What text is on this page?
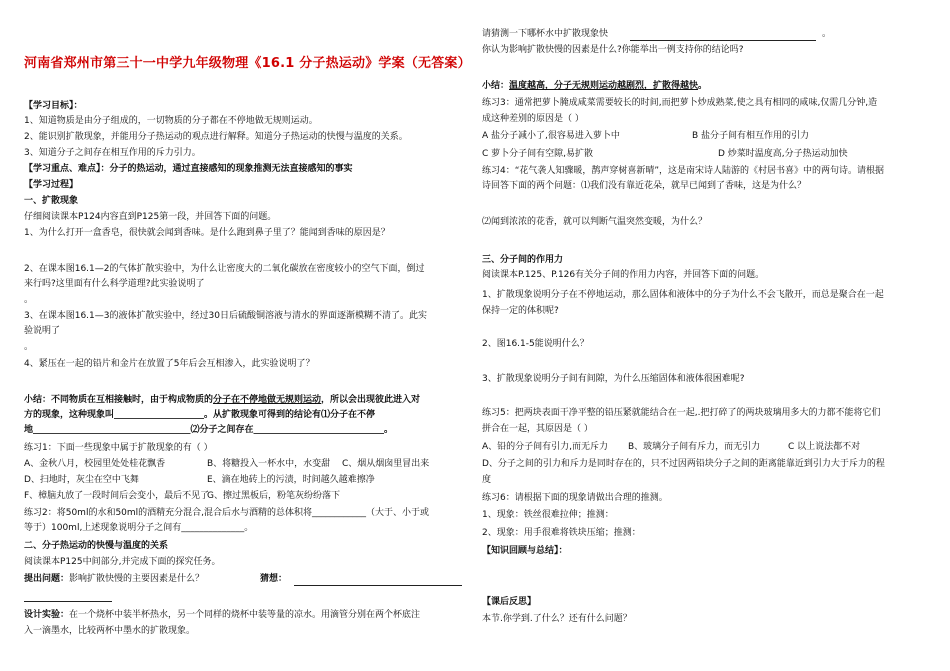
河南省郑州市第三十一中学九年级物理《16.1 分子热运动》学案（无答案）
【学习目标】：
1、知道物质是由分子组成的，一切物质的分子都在不停地做无规则运动。
2、能识别扩散现象，并能用分子热运动的观点进行解释。知道分子热运动的快慢与温度的关系。
3、知道分子之间存在相互作用的斥力引力。
【学习重点、难点】：分子的热运动，通过直接感知的现象推测无法直接感知的事实
【学习过程】
一、扩散现象
仔细阅读课本P124内容直到P125第一段，并回答下面的问题。
1、为什么打开一盒香皂，很快就会闻到香味。是什么跑到鼻子里了？能闻到香味的原因是？
2、在课本图16.1—2的气体扩散实验中，为什么让密度大的二氧化碳放在密度较小的空气下面，倒过
来行吗?这里面有什么科学道理?此实验说明了
。
3、在课本图16.1—3的液体扩散实验中，经过30日后硫酸铜溶液与清水的界面逐渐模糊不清了。此实
验说明了
。
4、紧压在一起的铅片和金片在放置了5年后会互相渗入，此实验说明了？
小结：不同物质在互相接触时，由于构成物质的分子在不停地做无规则运动，所以会出现彼此进入对
方的现象，这种现象叫____________________。从扩散现象可得到的结论有⑴分子在不停
地___________________________________⑵分子之间存在_____________________________。
练习1：下面一些现象中属于扩散现象的有（ ）
A、金秋八月，校园里处处桂花飘香	B、将糖投入一杯水中，水变甜 C、烟从烟囱里冒出来
D、扫地时，灰尘在空中飞舞	E、滴在地砖上的污渍，时间越久越难擦净
F、樟脑丸放了一段时间后会变小，最后不见了
G、擦过黑板后，粉笔灰纷纷落下
练习2：将50ml的水和50ml的酒精充分混合,混合后水与酒精的总体积将____________（大于、小于或
等于）100ml,上述现象说明分子之间有______________。
二、分子热运动的快慢与温度的关系
阅读课本P125中间部分,并完成下面的探究任务。
提出问题：影响扩散快慢的主要因素是什么？	猜想：
设计实验：在一个烧杯中装半杯热水，另一个同样的烧杯中装等量的凉水。用滴管分别在两个杯底注
入一滴墨水，比较两杯中墨水的扩散现象。
请猜测一下哪杯水中扩散现象快	。
你认为影响扩散快慢的因素是什么?你能举出一例支持你的结论吗?
小结：温度越高，分子无规则运动越剧烈，扩散得越快。
练习3：通常把萝卜腌成咸菜需要较长的时间,而把萝卜炒成熟菜,使之具有相同的咸味,仅需几分钟,造
成这种差别的原因是（ ）
A 盐分子减小了,很容易进入萝卜中	B 盐分子间有相互作用的引力
C 萝卜分子间有空隙,易扩散	D 炒菜时温度高,分子热运动加快
练习4：“花气袭人知骤暖，鹊声穿树喜新晴”，这是南宋诗人陆游的《村居书喜》中的两句诗。请根据
诗回答下面的两个问题：⑴我们没有靠近花朵，就早已闻到了香味，这是为什么？
⑵闻到浓浓的花香，就可以判断气温突然变暖，为什么？
三、分子间的作用力
阅读课本P.125、P.126有关分子间的作用力内容，并回答下面的问题。
1、扩散现象说明分子在不停地运动，那么固体和液体中的分子为什么不会飞散开，而总是聚合在一起
保持一定的体积呢?
2、图16.1-5能说明什么？
3、扩散现象说明分子间有间隙，为什么压缩固体和液体很困难呢?
练习5：把两块表面干净平整的铅压紧就能结合在一起,.把打碎了的两块玻璃用多大的力都不能将它们
拼合在一起，其原因是（ ）
A、铅的分子间有引力,而无斥力 B、玻璃分子间有斥力，而无引力	C 以上说法都不对
D、分子之间的引力和斥力是同时存在的，只不过因两铅块分子之间的距离能靠近到引力大于斥力的程
度
练习6：请根据下面的现象请做出合理的推测。
1、现象：铁丝很难拉伸；推测：
2、现象：用手很难将铁块压缩；推测：
【知识回顾与总结】：
【课后反思】
本节.你学到.了什么？还有什么问题？
